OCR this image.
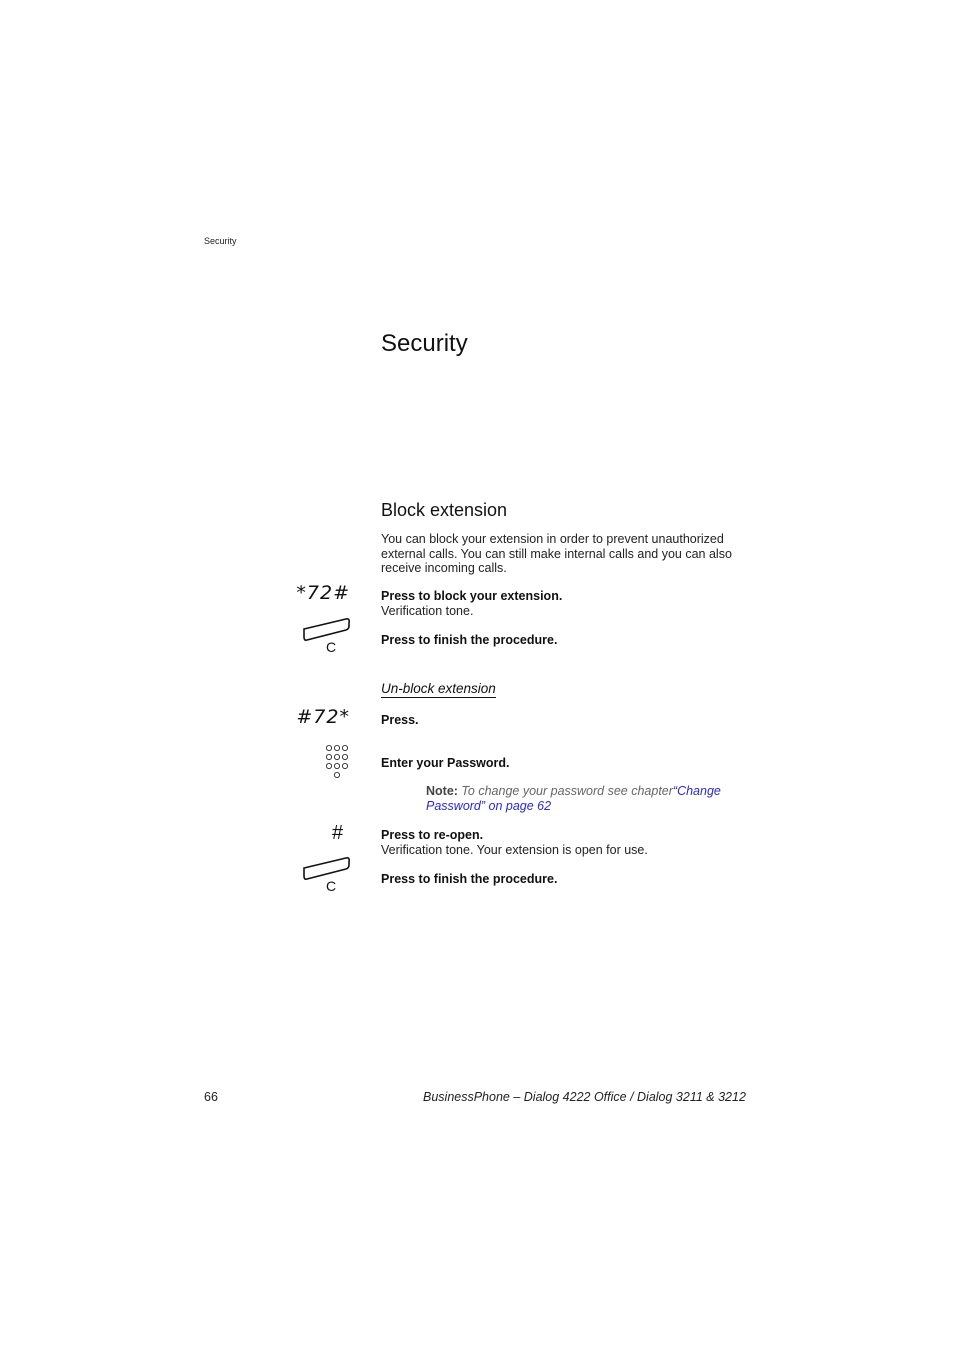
Security
Security
Block extension
You can block your extension in order to prevent unauthorized external calls. You can still make internal calls and you can also receive incoming calls.
*72# Press to block your extension.
Verification tone.
C	Press to finish the procedure.
Un-block extension
#72* Press.
Enter your Password.
Note: To change your password see chapter“Change Password” on page 62
#	Press to re-open.
Verification tone. Your extension is open for use.
C	Press to finish the procedure.
66	BusinessPhone – Dialog 4222 Office / Dialog 3211 & 3212
